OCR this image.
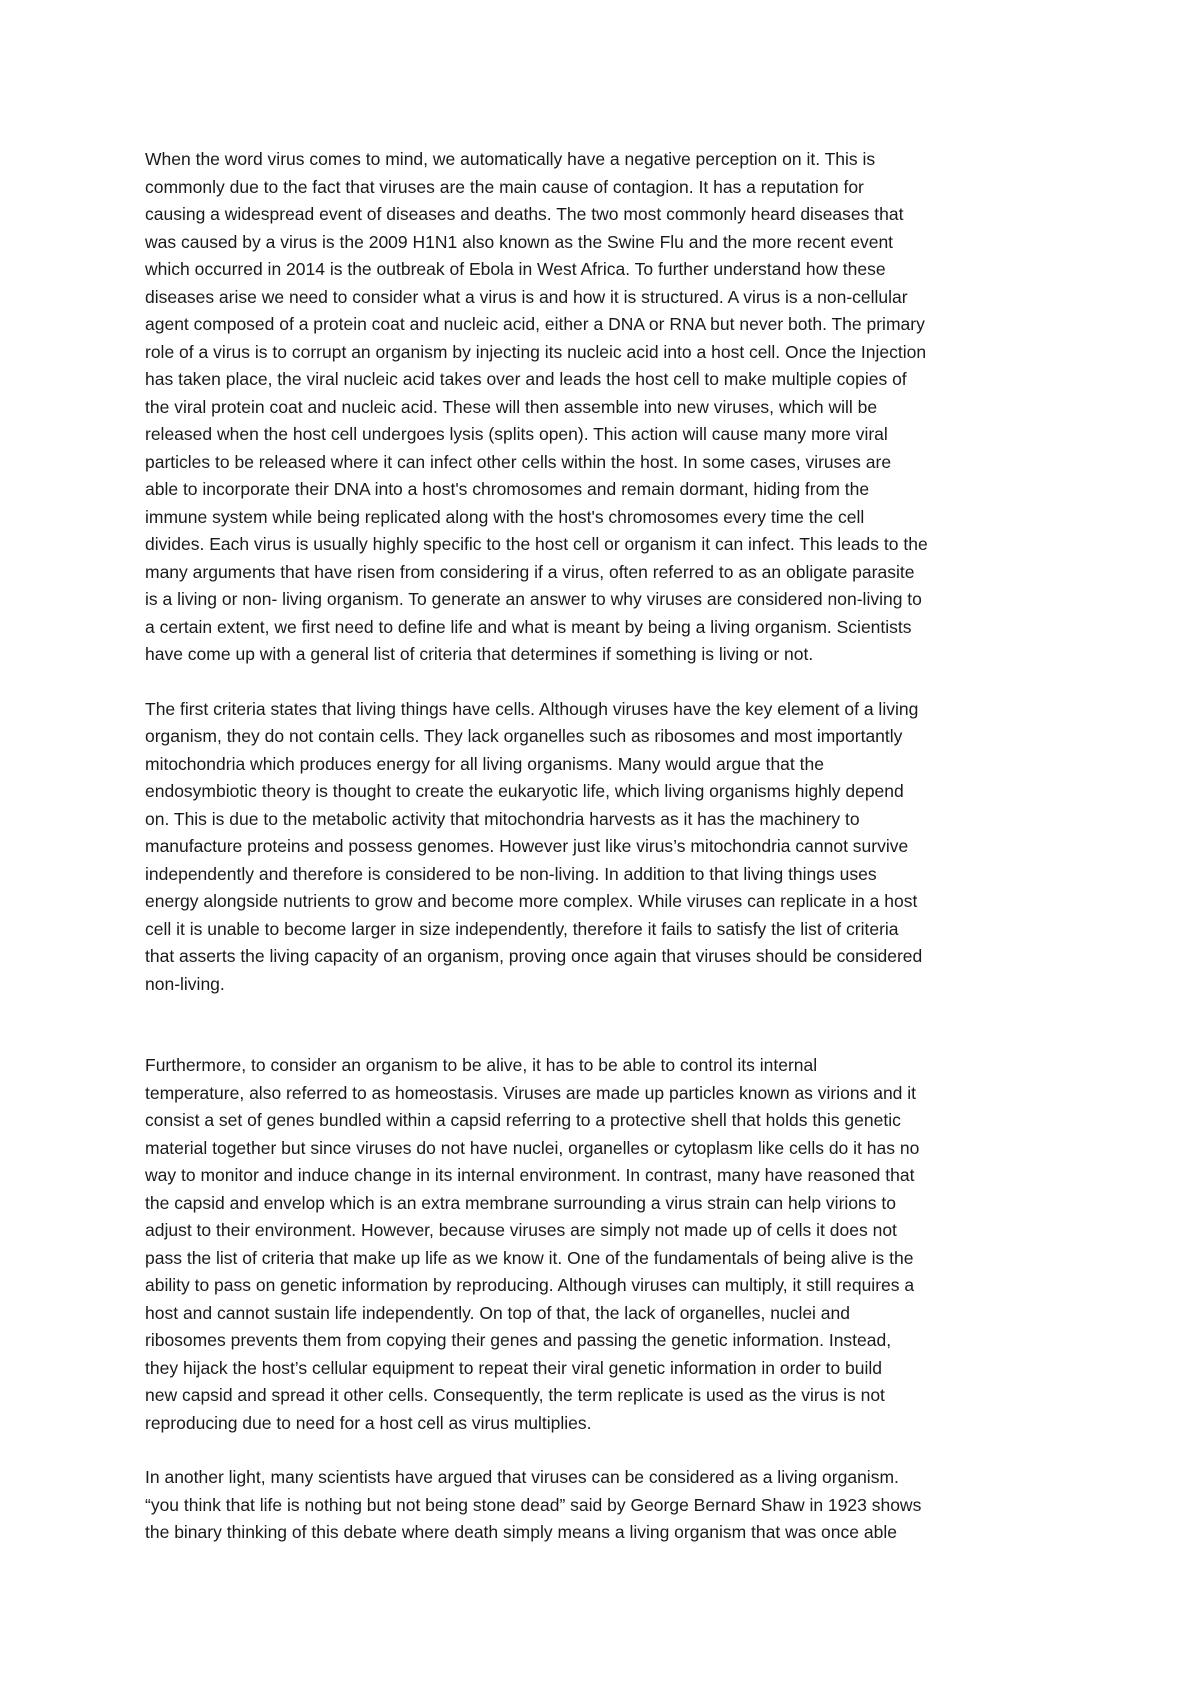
When the word virus comes to mind, we automatically have a negative perception on it. This is
commonly due to the fact that viruses are the main cause of contagion. It has a reputation for
causing a widespread event of diseases and deaths. The two most commonly heard diseases that
was caused by a virus is the 2009 H1N1 also known as the Swine Flu and the more recent event
which occurred in 2014 is the outbreak of Ebola in West Africa. To further understand how these
diseases arise we need to consider what a virus is and how it is structured. A virus is a non-cellular
agent composed of a protein coat and nucleic acid, either a DNA or RNA but never both. The primary
role of a virus is to corrupt an organism by injecting its nucleic acid into a host cell. Once the Injection
has taken place, the viral nucleic acid takes over and leads the host cell to make multiple copies of
the viral protein coat and nucleic acid. These will then assemble into new viruses, which will be
released when the host cell undergoes lysis (splits open). This action will cause many more viral
particles to be released where it can infect other cells within the host. In some cases, viruses are
able to incorporate their DNA into a host's chromosomes and remain dormant, hiding from the
immune system while being replicated along with the host's chromosomes every time the cell
divides. Each virus is usually highly specific to the host cell or organism it can infect. This leads to the
many arguments that have risen from considering if a virus, often referred to as an obligate parasite
is a living or non- living organism. To generate an answer to why viruses are considered non-living to
a certain extent, we first need to define life and what is meant by being a living organism. Scientists
have come up with a general list of criteria that determines if something is living or not.

The first criteria states that living things have cells. Although viruses have the key element of a living
organism, they do not contain cells. They lack organelles such as ribosomes and most importantly
mitochondria which produces energy for all living organisms. Many would argue that the
endosymbiotic theory is thought to create the eukaryotic life, which living organisms highly depend
on. This is due to the metabolic activity that mitochondria harvests as it has the machinery to
manufacture proteins and possess genomes. However just like virus’s mitochondria cannot survive
independently and therefore is considered to be non-living. In addition to that living things uses
energy alongside nutrients to grow and become more complex. While viruses can replicate in a host
cell it is unable to become larger in size independently, therefore it fails to satisfy the list of criteria
that asserts the living capacity of an organism, proving once again that viruses should be considered
non-living.

Furthermore, to consider an organism to be alive, it has to be able to control its internal
temperature, also referred to as homeostasis. Viruses are made up particles known as virions and it
consist a set of genes bundled within a capsid referring to a protective shell that holds this genetic
material together but since viruses do not have nuclei, organelles or cytoplasm like cells do it has no
way to monitor and induce change in its internal environment. In contrast, many have reasoned that
the capsid and envelop which is an extra membrane surrounding a virus strain can help virions to
adjust to their environment. However, because viruses are simply not made up of cells it does not
pass the list of criteria that make up life as we know it. One of the fundamentals of being alive is the
ability to pass on genetic information by reproducing. Although viruses can multiply, it still requires a
host and cannot sustain life independently. On top of that, the lack of organelles, nuclei and
ribosomes prevents them from copying their genes and passing the genetic information. Instead,
they hijack the host’s cellular equipment to repeat their viral genetic information in order to build
new capsid and spread it other cells. Consequently, the term replicate is used as the virus is not
reproducing due to need for a host cell as virus multiplies.

In another light, many scientists have argued that viruses can be considered as a living organism.
“you think that life is nothing but not being stone dead” said by George Bernard Shaw in 1923 shows
the binary thinking of this debate where death simply means a living organism that was once able
